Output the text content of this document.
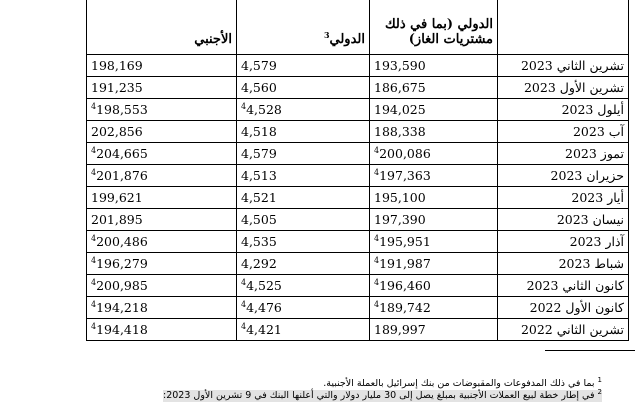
الأجنبي	الدولي$^3$	الدولي (بما في ذلك مشتريات الغاز)	
198,169	4,579	193,590	تشرين الثاني 2023
191,235	4,560	186,675	تشرين الأول 2023
$^4$198,553	$^4$4,528	194,025	أيلول 2023
202,856	4,518	188,338	آب 2023
$^4$204,665	4,579	$^4$200,086	تموز 2023
$^4$201,876	4,513	$^4$197,363	حزيران 2023
199,621	4,521	195,100	أيار 2023
201,895	4,505	197,390	نيسان 2023
$^4$200,486	4,535	$^4$195,951	آذار 2023
$^4$196,279	4,292	$^4$191,987	شباط 2023
$^4$200,985	$^4$4,525	$^4$196,460	كانون الثاني 2023
$^4$194,218	$^4$4,476	$^4$189,742	كانون الأول 2022
$^4$194,418	$^4$4,421	189,997	تشرين الثاني 2022
$^1$ بما في ذلك المدفوعات والمقبوضات من بنك إسرائيل بالعملة الأجنبية.
$^2$ في إطار خطة لبيع العملات الأجنبية بمبلغ يصل إلى 30 مليار دولار والتي أعلنها البنك في 9 تشرين الأول 2023:
